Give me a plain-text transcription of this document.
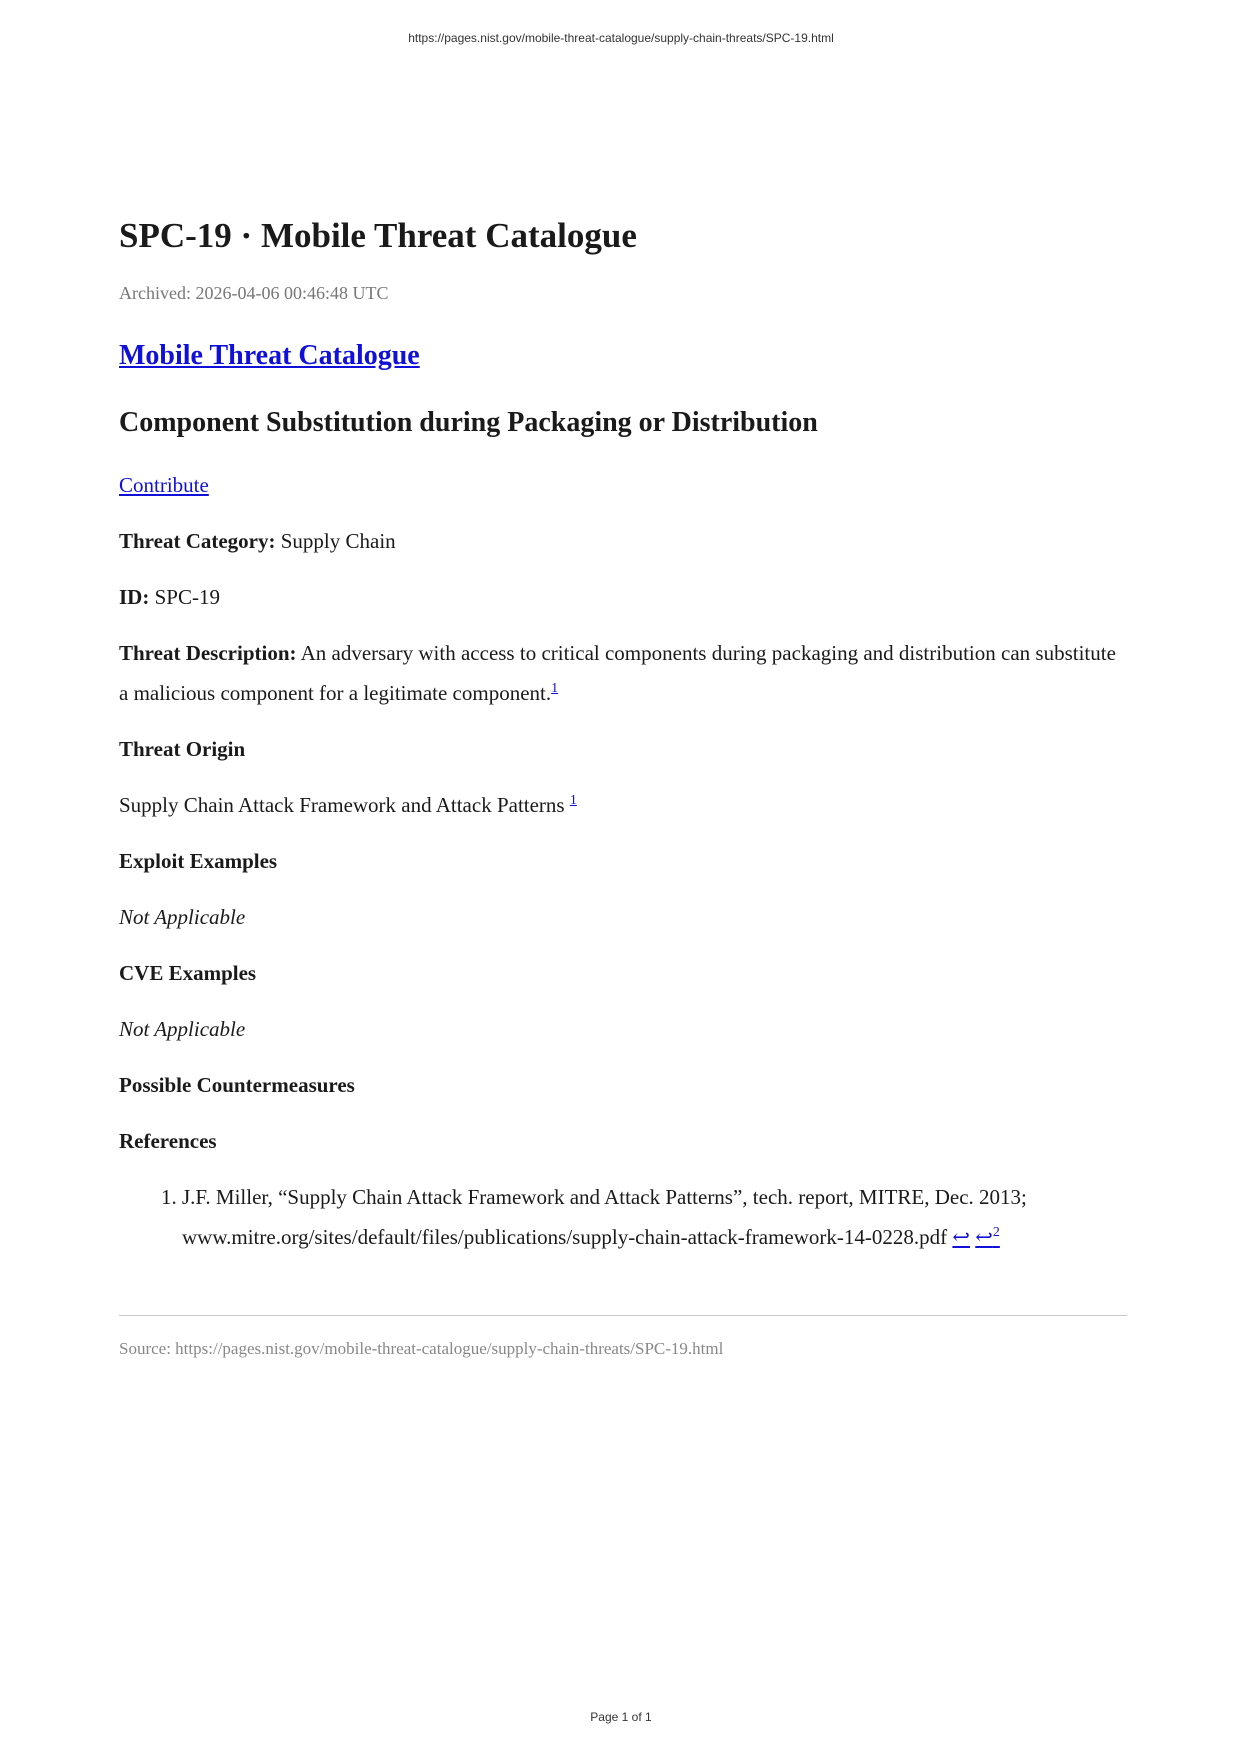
https://pages.nist.gov/mobile-threat-catalogue/supply-chain-threats/SPC-19.html
SPC-19 · Mobile Threat Catalogue
Archived: 2026-04-06 00:46:48 UTC
Mobile Threat Catalogue
Component Substitution during Packaging or Distribution

Contribute

Threat Category: Supply Chain

ID: SPC-19

Threat Description: An adversary with access to critical components during packaging and distribution can substitute a malicious component for a legitimate component.$^1$

Threat Origin

Supply Chain Attack Framework and Attack Patterns $^1$

Exploit Examples

Not Applicable

CVE Examples

Not Applicable

Possible Countermeasures
References
1. J.F. Miller, “Supply Chain Attack Framework and Attack Patterns”, tech. report, MITRE, Dec. 2013; www.mitre.org/sites/default/files/publications/supply-chain-attack-framework-14-0228.pdf ↩ ↩$^2$
Source: https://pages.nist.gov/mobile-threat-catalogue/supply-chain-threats/SPC-19.html
Page 1 of 1
